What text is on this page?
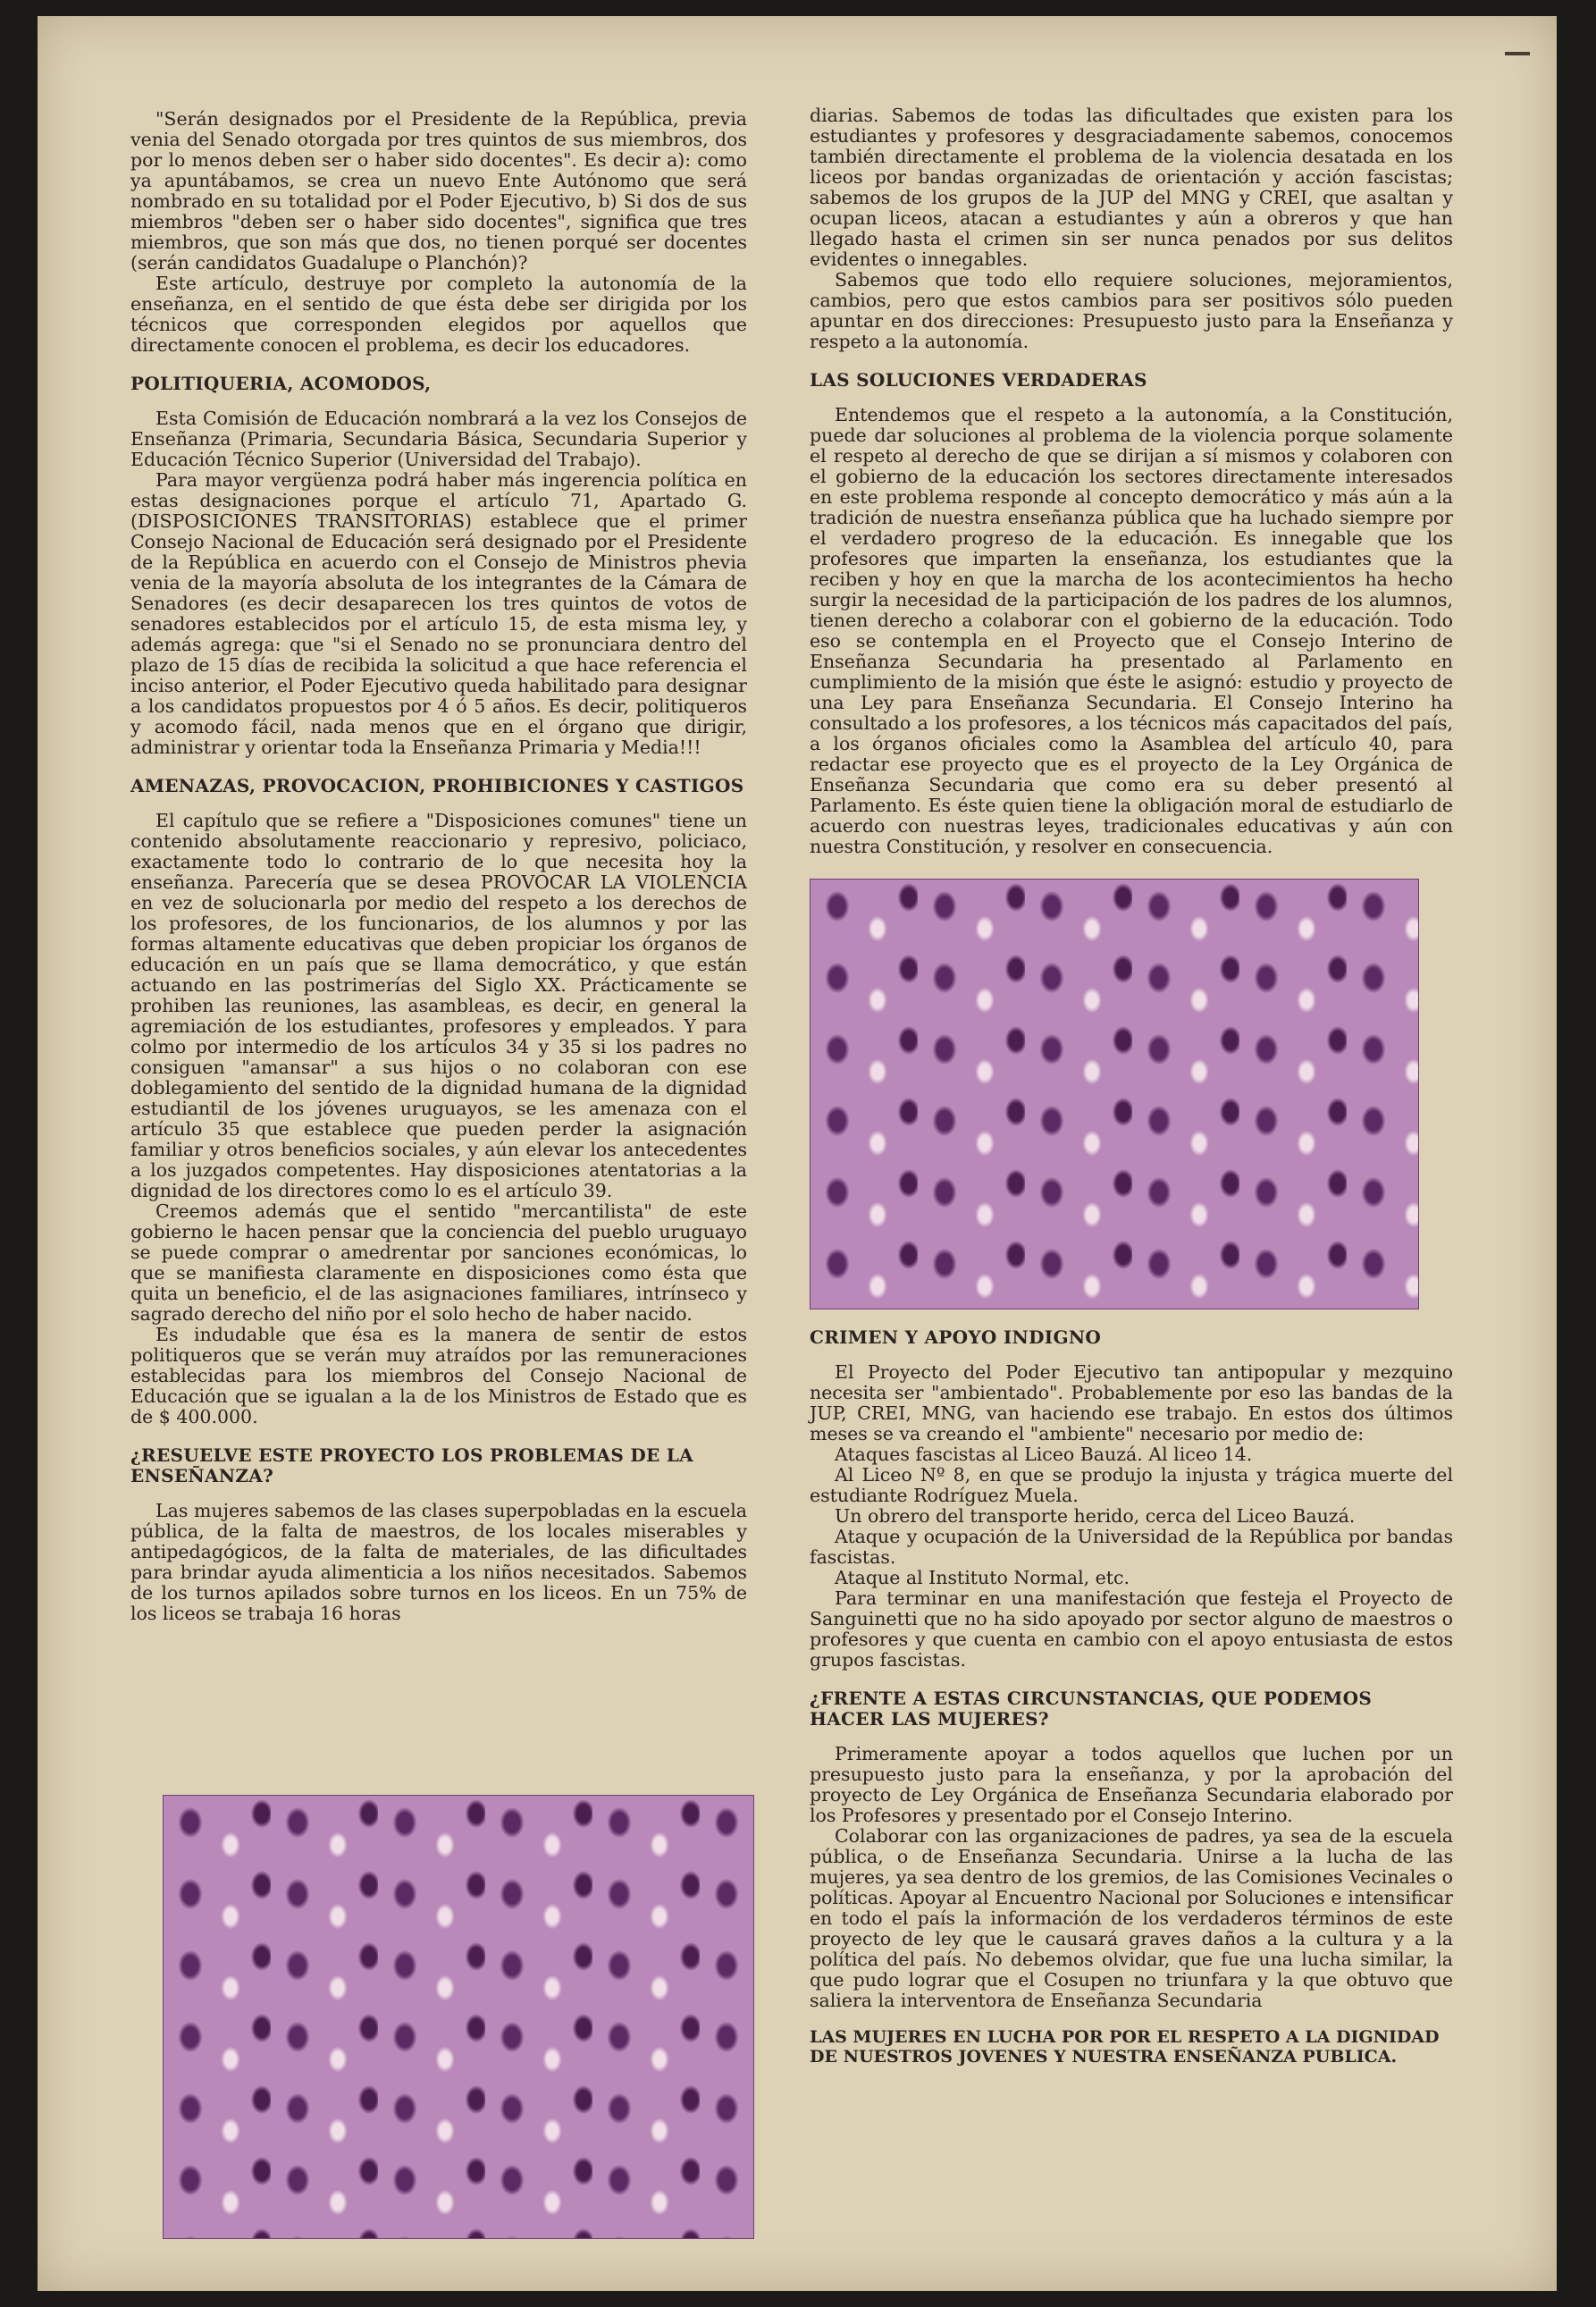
"Serán designados por el Presidente de la República, previa venia del Senado otorgada por tres quintos de sus miembros, dos por lo menos deben ser o haber sido docentes". Es decir a): como ya apuntábamos, se crea un nuevo Ente Autónomo que será nombrado en su totalidad por el Poder Ejecutivo, b) Si dos de sus miembros "deben ser o haber sido docentes", significa que tres miembros, que son más que dos, no tienen porqué ser docentes (serán candidatos Guadalupe o Planchón)?

Este artículo, destruye por completo la autonomía de la enseñanza, en el sentido de que ésta debe ser dirigida por los técnicos que corresponden elegidos por aquellos que directamente conocen el problema, es decir los educadores.

POLITIQUERIA, ACOMODOS,

Esta Comisión de Educación nombrará a la vez los Consejos de Enseñanza (Primaria, Secundaria Básica, Secundaria Superior y Educación Técnico Superior (Universidad del Trabajo).

Para mayor vergüenza podrá haber más ingerencia política en estas designaciones porque el artículo 71, Apartado G. (DISPOSICIONES TRANSITORIAS) establece que el primer Consejo Nacional de Educación será designado por el Presidente de la República en acuerdo con el Consejo de Ministros phevia venia de la mayoría absoluta de los integrantes de la Cámara de Senadores (es decir desaparecen los tres quintos de votos de senadores establecidos por el artículo 15, de esta misma ley, y además agrega: que "si el Senado no se pronunciara dentro del plazo de 15 días de recibida la solicitud a que hace referencia el inciso anterior, el Poder Ejecutivo queda habilitado para designar a los candidatos propuestos por 4 ó 5 años. Es decir, politiqueros y acomodo fácil, nada menos que en el órgano que dirigir, administrar y orientar toda la Enseñanza Primaria y Media!!!

AMENAZAS, PROVOCACION, PROHIBICIONES Y CASTIGOS

El capítulo que se refiere a "Disposiciones comunes" tiene un contenido absolutamente reaccionario y represivo, policiaco, exactamente todo lo contrario de lo que necesita hoy la enseñanza. Parecería que se desea PROVOCAR LA VIOLENCIA en vez de solucionarla por medio del respeto a los derechos de los profesores, de los funcionarios, de los alumnos y por las formas altamente educativas que deben propiciar los órganos de educación en un país que se llama democrático, y que están actuando en las postrimerías del Siglo XX. Prácticamente se prohiben las reuniones, las asambleas, es decir, en general la agremiación de los estudiantes, profesores y empleados. Y para colmo por intermedio de los artículos 34 y 35 si los padres no consiguen "amansar" a sus hijos o no colaboran con ese doblegamiento del sentido de la dignidad humana de la dignidad estudiantil de los jóvenes uruguayos, se les amenaza con el artículo 35 que establece que pueden perder la asignación familiar y otros beneficios sociales, y aún elevar los antecedentes a los juzgados competentes. Hay disposiciones atentatorias a la dignidad de los directores como lo es el artículo 39.

Creemos además que el sentido "mercantilista" de este gobierno le hacen pensar que la conciencia del pueblo uruguayo se puede comprar o amedrentar por sanciones económicas, lo que se manifiesta claramente en disposiciones como ésta que quita un beneficio, el de las asignaciones familiares, intrínseco y sagrado derecho del niño por el solo hecho de haber nacido.

Es indudable que ésa es la manera de sentir de estos politiqueros que se verán muy atraídos por las remuneraciones establecidas para los miembros del Consejo Nacional de Educación que se igualan a la de los Ministros de Estado que es de $ 400.000.

¿RESUELVE ESTE PROYECTO LOS PROBLEMAS DE LA ENSEÑANZA?

Las mujeres sabemos de las clases superpobladas en la escuela pública, de la falta de maestros, de los locales miserables y antipedagógicos, de la falta de materiales, de las dificultades para brindar ayuda alimenticia a los niños necesitados. Sabemos de los turnos apilados sobre turnos en los liceos. En un 75% de los liceos se trabaja 16 horas

diarias. Sabemos de todas las dificultades que existen para los estudiantes y profesores y desgraciadamente sabemos, conocemos también directamente el problema de la violencia desatada en los liceos por bandas organizadas de orientación y acción fascistas; sabemos de los grupos de la JUP del MNG y CREI, que asaltan y ocupan liceos, atacan a estudiantes y aún a obreros y que han llegado hasta el crimen sin ser nunca penados por sus delitos evidentes o innegables.

Sabemos que todo ello requiere soluciones, mejoramientos, cambios, pero que estos cambios para ser positivos sólo pueden apuntar en dos direcciones: Presupuesto justo para la Enseñanza y respeto a la autonomía.

LAS SOLUCIONES VERDADERAS

Entendemos que el respeto a la autonomía, a la Constitución, puede dar soluciones al problema de la violencia porque solamente el respeto al derecho de que se dirijan a sí mismos y colaboren con el gobierno de la educación los sectores directamente interesados en este problema responde al concepto democrático y más aún a la tradición de nuestra enseñanza pública que ha luchado siempre por el verdadero progreso de la educación. Es innegable que los profesores que imparten la enseñanza, los estudiantes que la reciben y hoy en que la marcha de los acontecimientos ha hecho surgir la necesidad de la participación de los padres de los alumnos, tienen derecho a colaborar con el gobierno de la educación. Todo eso se contempla en el Proyecto que el Consejo Interino de Enseñanza Secundaria ha presentado al Parlamento en cumplimiento de la misión que éste le asignó: estudio y proyecto de una Ley para Enseñanza Secundaria. El Consejo Interino ha consultado a los profesores, a los técnicos más capacitados del país, a los órganos oficiales como la Asamblea del artículo 40, para redactar ese proyecto que es el proyecto de la Ley Orgánica de Enseñanza Secundaria que como era su deber presentó al Parlamento. Es éste quien tiene la obligación moral de estudiarlo de acuerdo con nuestras leyes, tradicionales educativas y aún con nuestra Constitución, y resolver en consecuencia.

CRIMEN Y APOYO INDIGNO

El Proyecto del Poder Ejecutivo tan antipopular y mezquino necesita ser "ambientado". Probablemente por eso las bandas de la JUP, CREI, MNG, van haciendo ese trabajo. En estos dos últimos meses se va creando el "ambiente" necesario por medio de:

Ataques fascistas al Liceo Bauzá. Al liceo 14.

Al Liceo Nº 8, en que se produjo la injusta y trágica muerte del estudiante Rodríguez Muela.

Un obrero del transporte herido, cerca del Liceo Bauzá.

Ataque y ocupación de la Universidad de la República por bandas fascistas.

Ataque al Instituto Normal, etc.

Para terminar en una manifestación que festeja el Proyecto de Sanguinetti que no ha sido apoyado por sector alguno de maestros o profesores y que cuenta en cambio con el apoyo entusiasta de estos grupos fascistas.

¿FRENTE A ESTAS CIRCUNSTANCIAS, QUE PODEMOS HACER LAS MUJERES?

Primeramente apoyar a todos aquellos que luchen por un presupuesto justo para la enseñanza, y por la aprobación del proyecto de Ley Orgánica de Enseñanza Secundaria elaborado por los Profesores y presentado por el Consejo Interino.

Colaborar con las organizaciones de padres, ya sea de la escuela pública, o de Enseñanza Secundaria. Unirse a la lucha de las mujeres, ya sea dentro de los gremios, de las Comisiones Vecinales o políticas. Apoyar al Encuentro Nacional por Soluciones e intensificar en todo el país la información de los verdaderos términos de este proyecto de ley que le causará graves daños a la cultura y a la política del país. No debemos olvidar, que fue una lucha similar, la que pudo lograr que el Cosupen no triunfara y la que obtuvo que saliera la interventora de Enseñanza Secundaria

LAS MUJERES EN LUCHA POR POR EL RESPETO A LA DIGNIDAD DE NUESTROS JOVENES Y NUESTRA ENSEÑANZA PUBLICA.
